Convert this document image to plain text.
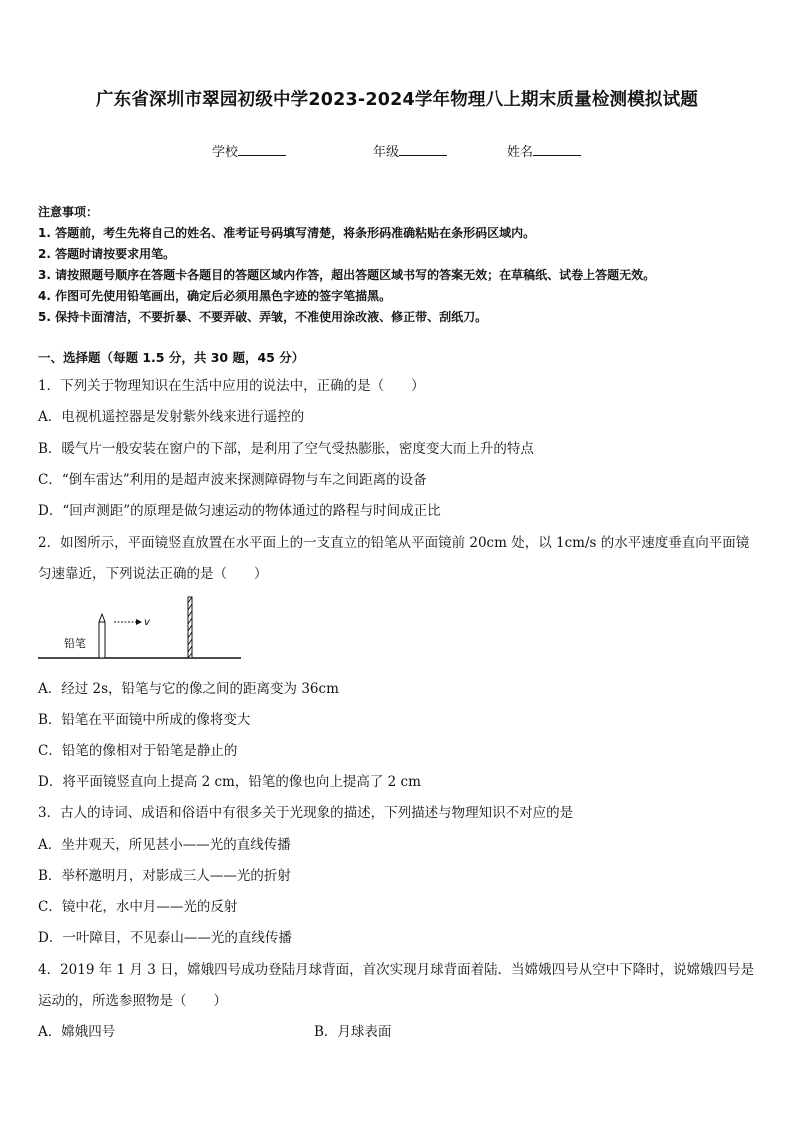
广东省深圳市翠园初级中学2023-2024学年物理八上期末质量检测模拟试题
学校	年级	姓名
注意事项：
1. 答题前，考生先将自己的姓名、准考证号码填写清楚，将条形码准确粘贴在条形码区域内。
2. 答题时请按要求用笔。
3. 请按照题号顺序在答题卡各题目的答题区域内作答，超出答题区域书写的答案无效；在草稿纸、试卷上答题无效。
4. 作图可先使用铅笔画出，确定后必须用黑色字迹的签字笔描黑。
5. 保持卡面清洁，不要折暴、不要弄破、弄皱，不准使用涂改液、修正带、刮纸刀。
一、选择题（每题 1.5 分，共 30 题，45 分）
1．下列关于物理知识在生活中应用的说法中，正确的是（　　）
A．电视机遥控器是发射紫外线来进行遥控的
B．暖气片一般安装在窗户的下部，是利用了空气受热膨胀，密度变大而上升的特点
C．“倒车雷达”利用的是超声波来探测障碍物与车之间距离的设备
D．“回声测距”的原理是做匀速运动的物体通过的路程与时间成正比
2．如图所示，平面镜竖直放置在水平面上的一支直立的铅笔从平面镜前 20cm 处，以 1cm/s 的水平速度垂直向平面镜
匀速靠近，下列说法正确的是（　　）
v
铅笔
A．经过 2s，铅笔与它的像之间的距离变为 36cm
B．铅笔在平面镜中所成的像将变大
C．铅笔的像相对于铅笔是静止的
D．将平面镜竖直向上提高 2 cm，铅笔的像也向上提高了 2 cm
3．古人的诗词、成语和俗语中有很多关于光现象的描述，下列描述与物理知识不对应的是
A．坐井观天，所见甚小——光的直线传播
B．举杯邀明月，对影成三人——光的折射
C．镜中花，水中月——光的反射
D．一叶障目，不见泰山——光的直线传播
4．2019 年 1 月 3 日，嫦娥四号成功登陆月球背面，首次实现月球背面着陆．当嫦娥四号从空中下降时，说嫦娥四号是
运动的，所选参照物是（　　）
A．嫦娥四号	B．月球表面
